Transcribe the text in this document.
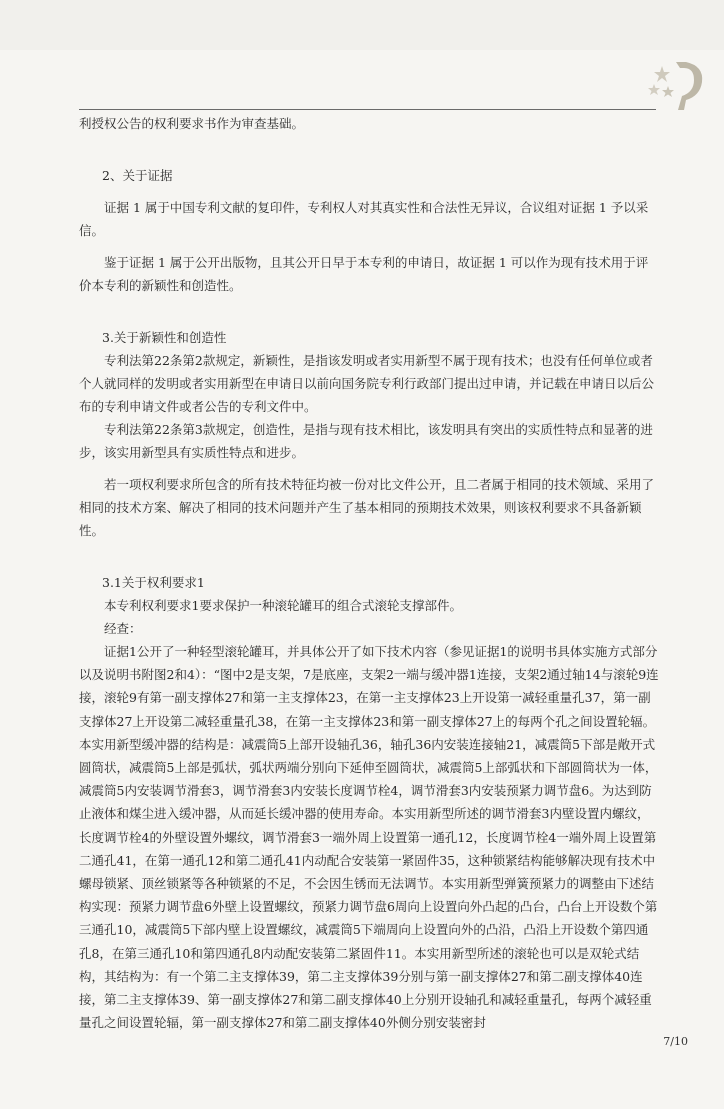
利授权公告的权利要求书作为审查基础。

2、关于证据

证据 1 属于中国专利文献的复印件，专利权人对其真实性和合法性无异议，合议组对证据 1 予以采信。

鉴于证据 1 属于公开出版物，且其公开日早于本专利的申请日，故证据 1 可以作为现有技术用于评价本专利的新颖性和创造性。

3.关于新颖性和创造性

专利法第22条第2款规定，新颖性，是指该发明或者实用新型不属于现有技术；也没有任何单位或者个人就同样的发明或者实用新型在申请日以前向国务院专利行政部门提出过申请，并记载在申请日以后公布的专利申请文件或者公告的专利文件中。

专利法第22条第3款规定，创造性，是指与现有技术相比，该发明具有突出的实质性特点和显著的进步，该实用新型具有实质性特点和进步。

若一项权利要求所包含的所有技术特征均被一份对比文件公开，且二者属于相同的技术领域、采用了相同的技术方案、解决了相同的技术问题并产生了基本相同的预期技术效果，则该权利要求不具备新颖性。

3.1关于权利要求1

本专利权利要求1要求保护一种滚轮罐耳的组合式滚轮支撑部件。

经查：

证据1公开了一种轻型滚轮罐耳，并具体公开了如下技术内容（参见证据1的说明书具体实施方式部分以及说明书附图2和4）：“图中2是支架，7是底座，支架2一端与缓冲器1连接，支架2通过轴14与滚轮9连接，滚轮9有第一副支撑体27和第一主支撑体23，在第一主支撑体23上开设第一减轻重量孔37，第一副支撑体27上开设第二减轻重量孔38，在第一主支撑体23和第一副支撑体27上的每两个孔之间设置轮辐。本实用新型缓冲器的结构是：减震筒5上部开设轴孔36，轴孔36内安装连接轴21，减震筒5下部是敞开式圆筒状，减震筒5上部是弧状，弧状两端分别向下延伸至圆筒状，减震筒5上部弧状和下部圆筒状为一体，减震筒5内安装调节滑套3，调节滑套3内安装长度调节栓4，调节滑套3内安装预紧力调节盘6。为达到防止液体和煤尘进入缓冲器，从而延长缓冲器的使用寿命。本实用新型所述的调节滑套3内壁设置内螺纹，长度调节栓4的外壁设置外螺纹，调节滑套3一端外周上设置第一通孔12，长度调节栓4一端外周上设置第二通孔41，在第一通孔12和第二通孔41内动配合安装第一紧固件35，这种锁紧结构能够解决现有技术中螺母锁紧、顶丝锁紧等各种锁紧的不足，不会因生锈而无法调节。本实用新型弹簧预紧力的调整由下述结构实现：预紧力调节盘6外壁上设置螺纹，预紧力调节盘6周向上设置向外凸起的凸台，凸台上开设数个第三通孔10，减震筒5下部内壁上设置螺纹，减震筒5下端周向上设置向外的凸沿，凸沿上开设数个第四通孔8，在第三通孔10和第四通孔8内动配安装第二紧固件11。本实用新型所述的滚轮也可以是双轮式结构，其结构为：有一个第二主支撑体39，第二主支撑体39分别与第一副支撑体27和第二副支撑体40连接，第二主支撑体39、第一副支撑体27和第二副支撑体40上分别开设轴孔和减轻重量孔，每两个减轻重量孔之间设置轮辐，第一副支撑体27和第二副支撑体40外侧分别安装密封

7/10
